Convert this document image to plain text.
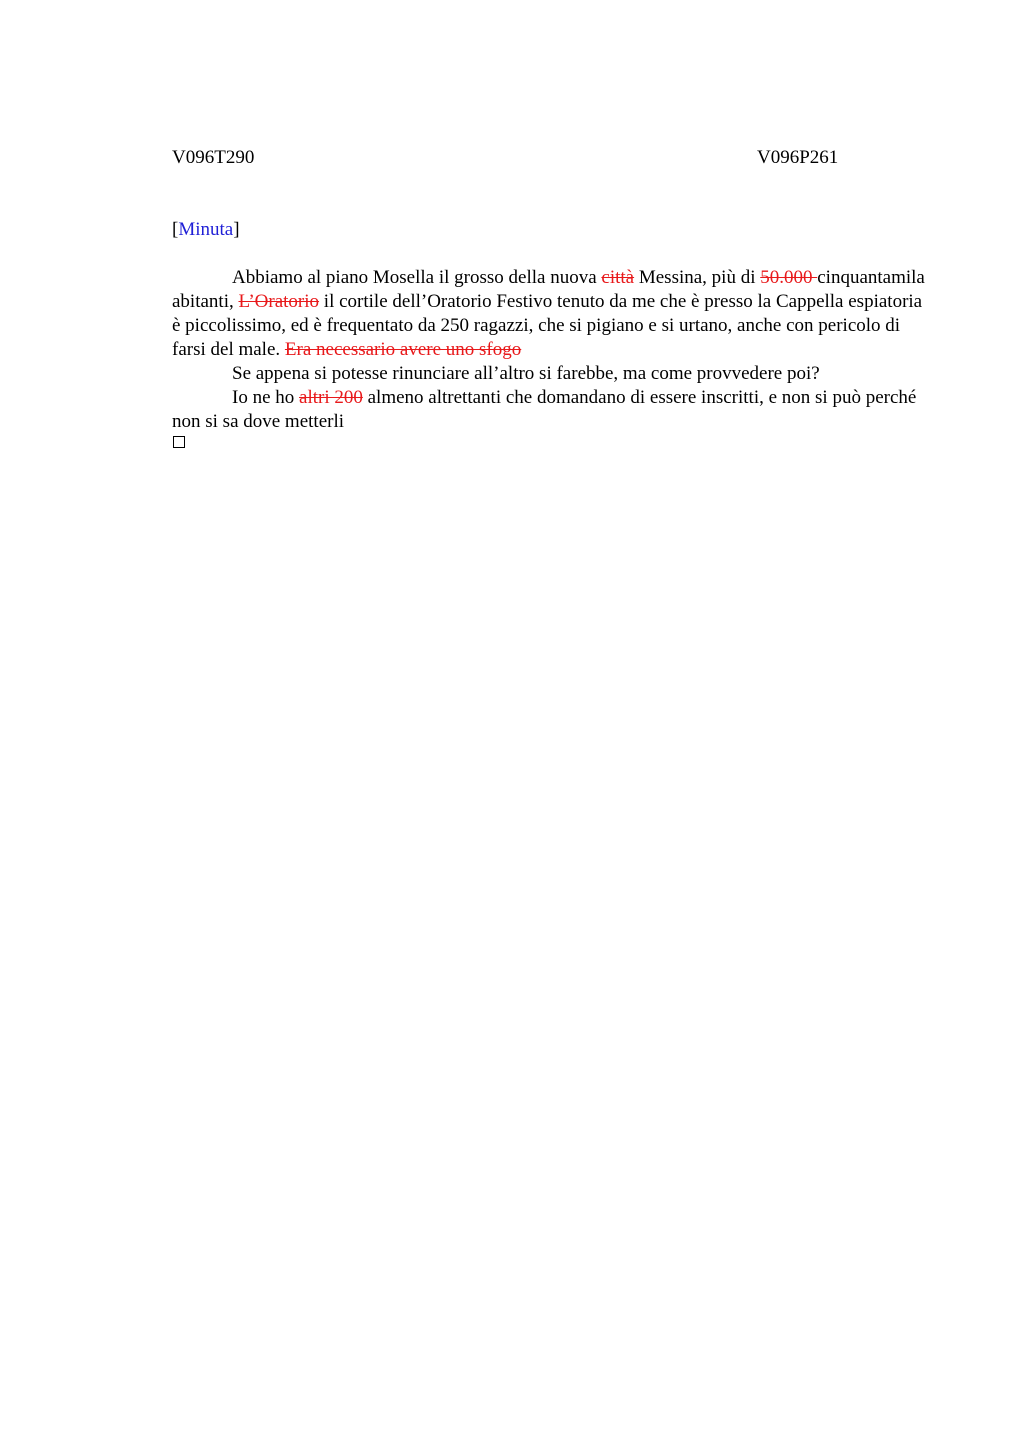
V096T290	V096P261
[Minuta]

Abbiamo al piano Mosella il grosso della nuova città Messina, più di 50.000 cinquantamila abitanti, L’Oratorio il cortile dell’Oratorio Festivo tenuto da me che è presso la Cappella espiatoria è piccolissimo, ed è frequentato da 250 ragazzi, che si pigiano e si urtano, anche con pericolo di farsi del male. Era necessario avere uno sfogo

Se appena si potesse rinunciare all’altro si farebbe, ma come provvedere poi?

Io ne ho altri 200 almeno altrettanti che domandano di essere inscritti, e non si può perché non si sa dove metterli
